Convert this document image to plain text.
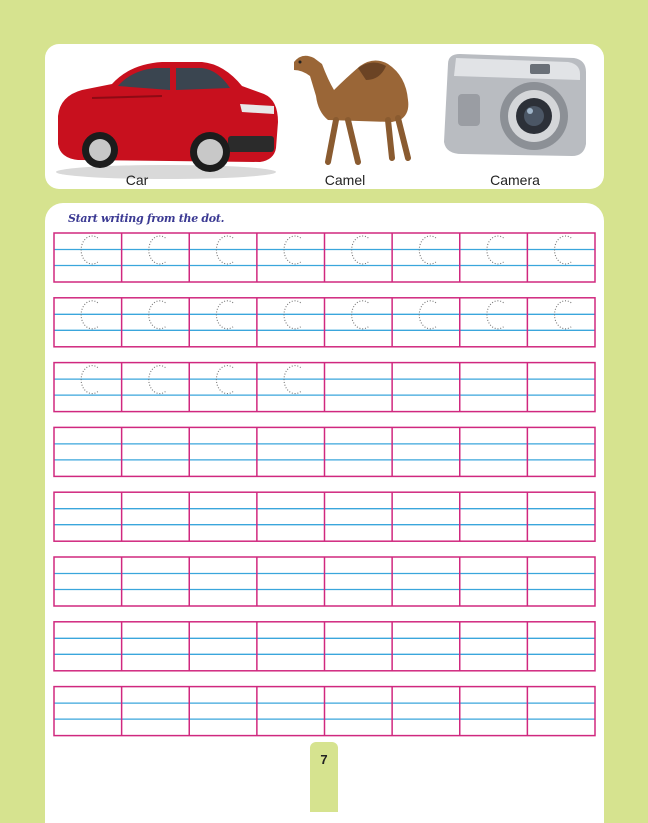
Car	Camel	Camera
Start writing from the dot.
7
